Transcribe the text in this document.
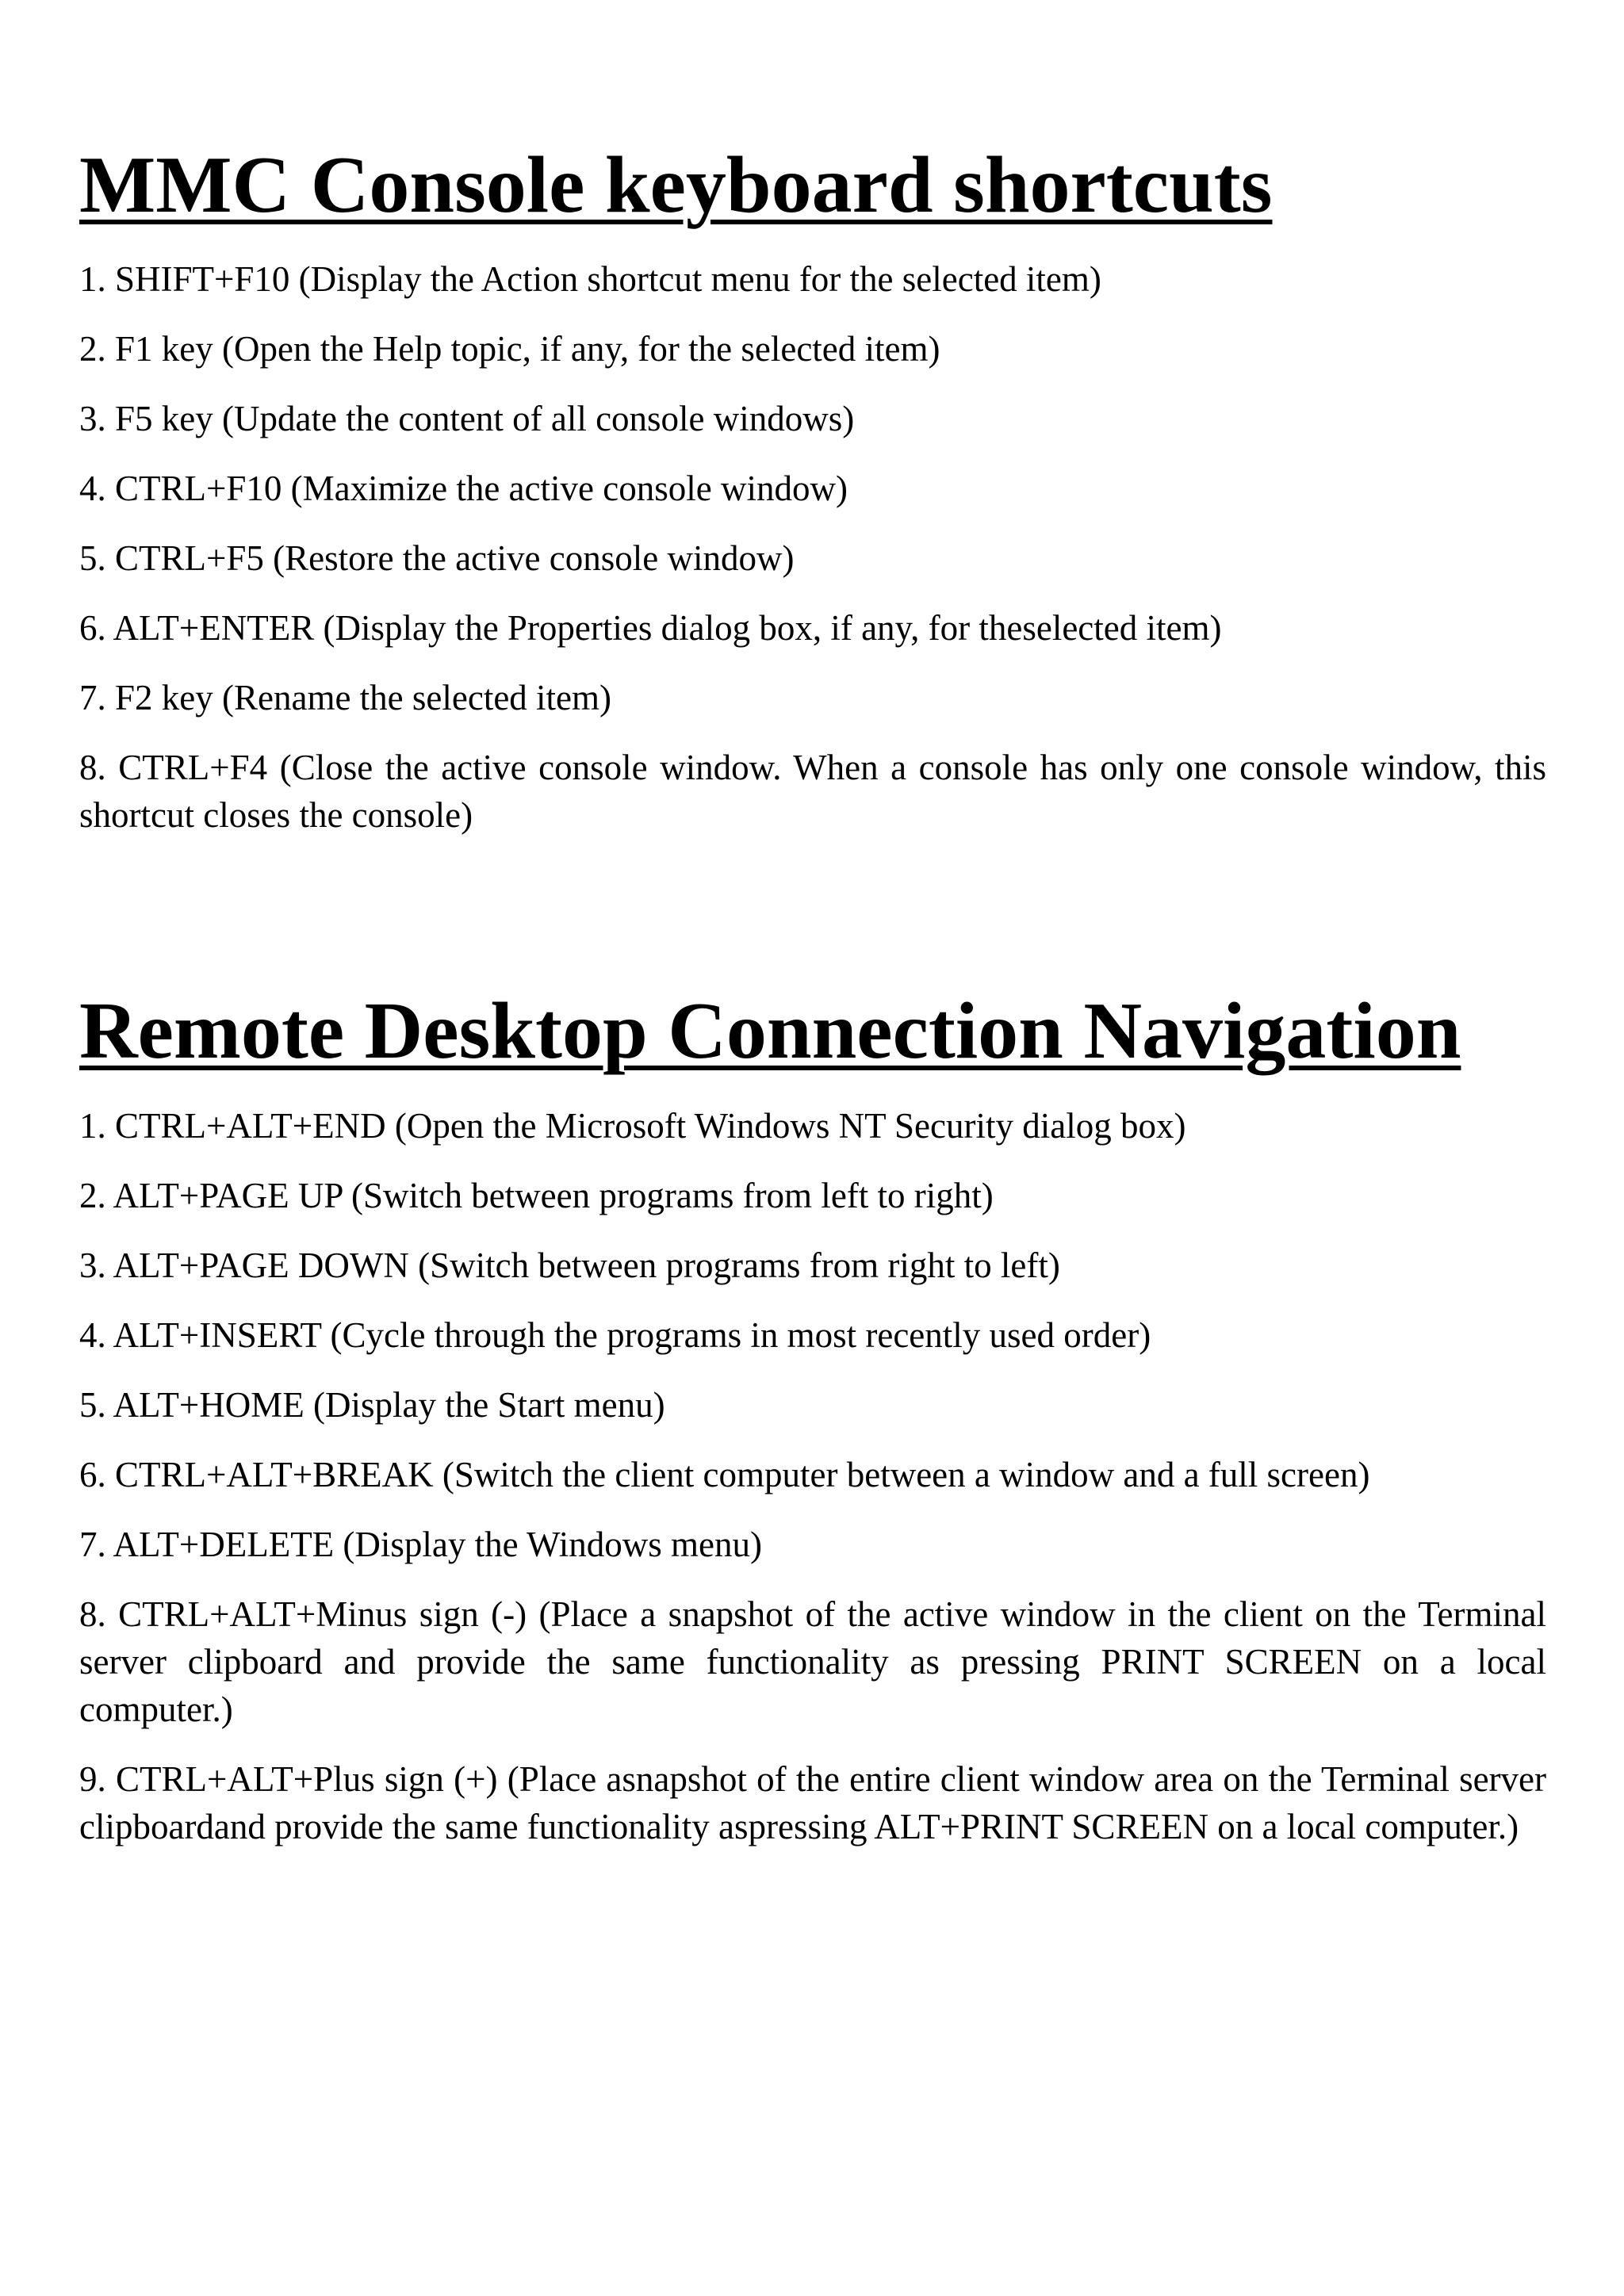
MMC Console keyboard shortcuts
1. SHIFT+F10 (Display the Action shortcut menu for the selected item)
2. F1 key (Open the Help topic, if any, for the selected item)
3. F5 key (Update the content of all console windows)
4. CTRL+F10 (Maximize the active console window)
5. CTRL+F5 (Restore the active console window)
6. ALT+ENTER (Display the Properties dialog box, if any, for theselected item)
7. F2 key (Rename the selected item)
8. CTRL+F4 (Close the active console window. When a console has only one console window, this shortcut closes the console)
Remote Desktop Connection Navigation
1. CTRL+ALT+END (Open the Microsoft Windows NT Security dialog box)
2. ALT+PAGE UP (Switch between programs from left to right)
3. ALT+PAGE DOWN (Switch between programs from right to left)
4. ALT+INSERT (Cycle through the programs in most recently used order)
5. ALT+HOME (Display the Start menu)
6. CTRL+ALT+BREAK (Switch the client computer between a window and a full screen)
7. ALT+DELETE (Display the Windows menu)
8. CTRL+ALT+Minus sign (-) (Place a snapshot of the active window in the client on the Terminal server clipboard and provide the same functionality as pressing PRINT SCREEN on a local computer.)
9. CTRL+ALT+Plus sign (+) (Place asnapshot of the entire client window area on the Terminal server clipboardand provide the same functionality aspressing ALT+PRINT SCREEN on a local computer.)
